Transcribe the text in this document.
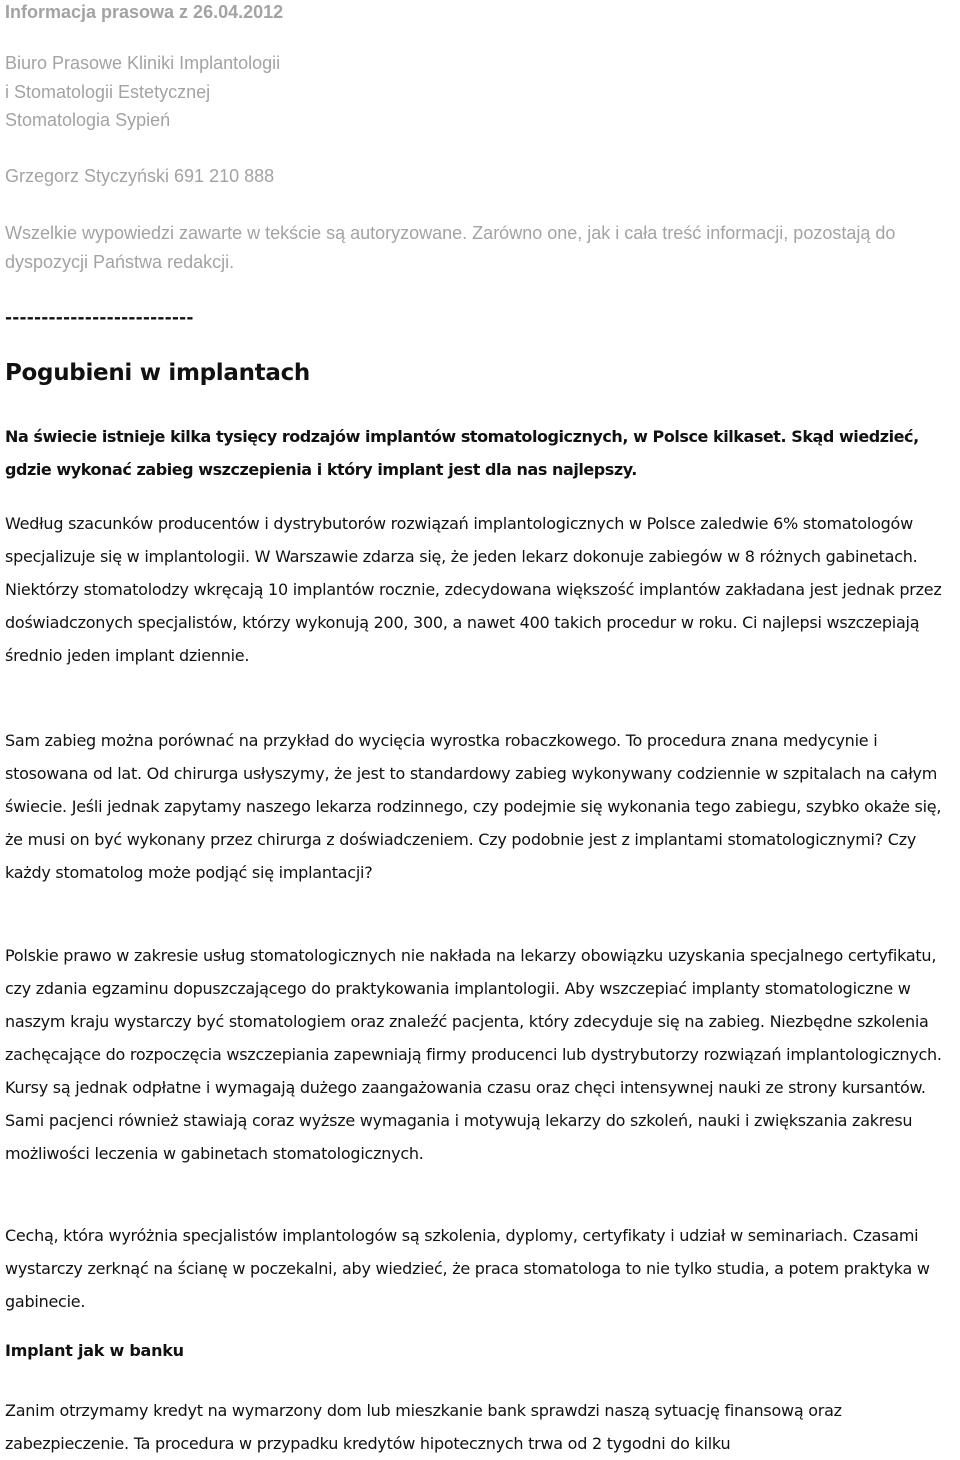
Informacja prasowa z 26.04.2012

Biuro Prasowe Kliniki Implantologii

i Stomatologii Estetycznej

Stomatologia Sypień

Grzegorz Styczyński 691 210 888

Wszelkie wypowiedzi zawarte w tekście są autoryzowane. Zarówno one, jak i cała treść informacji, pozostają do dyspozycji Państwa redakcji.

--------------------------
Pogubieni w implantach

Na świecie istnieje kilka tysięcy rodzajów implantów stomatologicznych, w Polsce kilkaset. Skąd wiedzieć, gdzie wykonać zabieg wszczepienia i który implant jest dla nas najlepszy.

Według szacunków producentów i dystrybutorów rozwiązań implantologicznych w Polsce zaledwie 6% stomatologów specjalizuje się w implantologii. W Warszawie zdarza się, że jeden lekarz dokonuje zabiegów w 8 różnych gabinetach. Niektórzy stomatolodzy wkręcają 10 implantów rocznie, zdecydowana większość implantów zakładana jest jednak przez doświadczonych specjalistów, którzy wykonują 200, 300, a nawet 400 takich procedur w roku. Ci najlepsi wszczepiają średnio jeden implant dziennie.

Sam zabieg można porównać na przykład do wycięcia wyrostka robaczkowego. To procedura znana medycynie i stosowana od lat. Od chirurga usłyszymy, że jest to standardowy zabieg wykonywany codziennie w szpitalach na całym świecie. Jeśli jednak zapytamy naszego lekarza rodzinnego, czy podejmie się wykonania tego zabiegu, szybko okaże się, że musi on być wykonany przez chirurga z doświadczeniem. Czy podobnie jest z implantami stomatologicznymi? Czy każdy stomatolog może podjąć się implantacji?

Polskie prawo w zakresie usług stomatologicznych nie nakłada na lekarzy obowiązku uzyskania specjalnego certyfikatu, czy zdania egzaminu dopuszczającego do praktykowania implantologii. Aby wszczepiać implanty stomatologiczne w naszym kraju wystarczy być stomatologiem oraz znaleźć pacjenta, który zdecyduje się na zabieg. Niezbędne szkolenia zachęcające do rozpoczęcia wszczepiania zapewniają firmy producenci lub dystrybutorzy rozwiązań implantologicznych. Kursy są jednak odpłatne i wymagają dużego zaangażowania czasu oraz chęci intensywnej nauki ze strony kursantów. Sami pacjenci również stawiają coraz wyższe wymagania i motywują lekarzy do szkoleń, nauki i zwiększania zakresu możliwości leczenia w gabinetach stomatologicznych.

Cechą, która wyróżnia specjalistów implantologów są szkolenia, dyplomy, certyfikaty i udział w seminariach. Czasami wystarczy zerknąć na ścianę w poczekalni, aby wiedzieć, że praca stomatologa to nie tylko studia, a potem praktyka w gabinecie.

Implant jak w banku

Zanim otrzymamy kredyt na wymarzony dom lub mieszkanie bank sprawdzi naszą sytuację finansową oraz zabezpieczenie. Ta procedura w przypadku kredytów hipotecznych trwa od 2 tygodni do kilku
